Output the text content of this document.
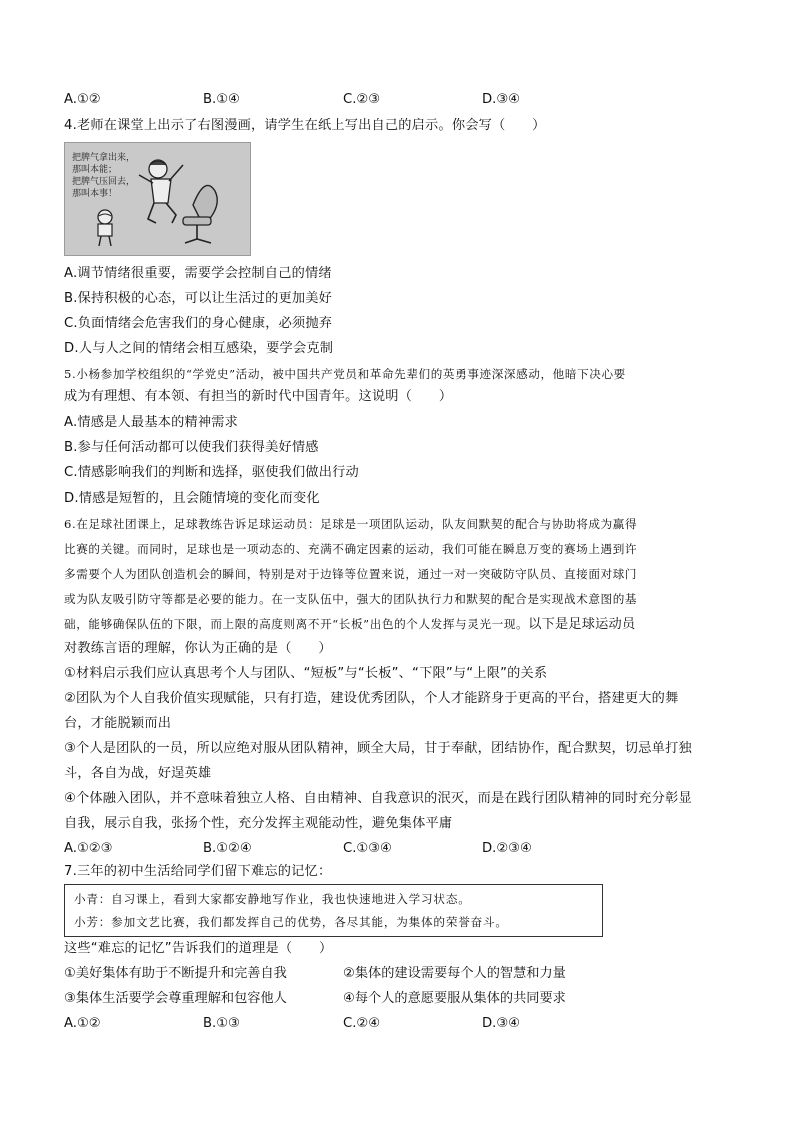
A.①②	B.①④	C.②③	D.③④
4.老师在课堂上出示了右图漫画，请学生在纸上写出自己的启示。你会写（　　）
把脾气拿出来，
那叫本能；
把脾气压回去，
那叫本事！
A.调节情绪很重要，需要学会控制自己的情绪
B.保持积极的心态，可以让生活过的更加美好
C.负面情绪会危害我们的身心健康，必须抛弃
D.人与人之间的情绪会相互感染，要学会克制
5.小杨参加学校组织的“学党史”活动，被中国共产党员和革命先辈们的英勇事迹深深感动，他暗下决心要
成为有理想、有本领、有担当的新时代中国青年。这说明（　　）
A.情感是人最基本的精神需求
B.参与任何活动都可以使我们获得美好情感
C.情感影响我们的判断和选择，驱使我们做出行动
D.情感是短暂的，且会随情境的变化而变化
6.在足球社团课上，足球教练告诉足球运动员：足球是一项团队运动，队友间默契的配合与协助将成为赢得
比赛的关键。而同时，足球也是一项动态的、充满不确定因素的运动，我们可能在瞬息万变的赛场上遇到许
多需要个人为团队创造机会的瞬间，特别是对于边锋等位置来说，通过一对一突破防守队员、直接面对球门
或为队友吸引防守等都是必要的能力。在一支队伍中，强大的团队执行力和默契的配合是实现战术意图的基
础，能够确保队伍的下限，而上限的高度则离不开“长板”出色的个人发挥与灵光一现。以下是足球运动员
对教练言语的理解，你认为正确的是（　　）
①材料启示我们应认真思考个人与团队、“短板”与“长板”、“下限”与“上限”的关系
②团队为个人自我价值实现赋能，只有打造，建设优秀团队，个人才能跻身于更高的平台，搭建更大的舞
台，才能脱颖而出
③个人是团队的一员，所以应绝对服从团队精神，顾全大局，甘于奉献，团结协作，配合默契，切忌单打独
斗，各自为战，好逞英雄
④个体融入团队，并不意味着独立人格、自由精神、自我意识的泯灭，而是在践行团队精神的同时充分彰显
自我，展示自我，张扬个性，充分发挥主观能动性，避免集体平庸
A.①②③	B.①②④	C.①③④	D.②③④
7.三年的初中生活给同学们留下难忘的记忆：
小青：自习课上，看到大家都安静地写作业，我也快速地进入学习状态。
小芳：参加文艺比赛，我们都发挥自己的优势，各尽其能，为集体的荣誉奋斗。
这些“难忘的记忆”告诉我们的道理是（　　）
①美好集体有助于不断提升和完善自我	②集体的建设需要每个人的智慧和力量
③集体生活要学会尊重理解和包容他人	④每个人的意愿要服从集体的共同要求
A.①②	B.①③	C.②④	D.③④
